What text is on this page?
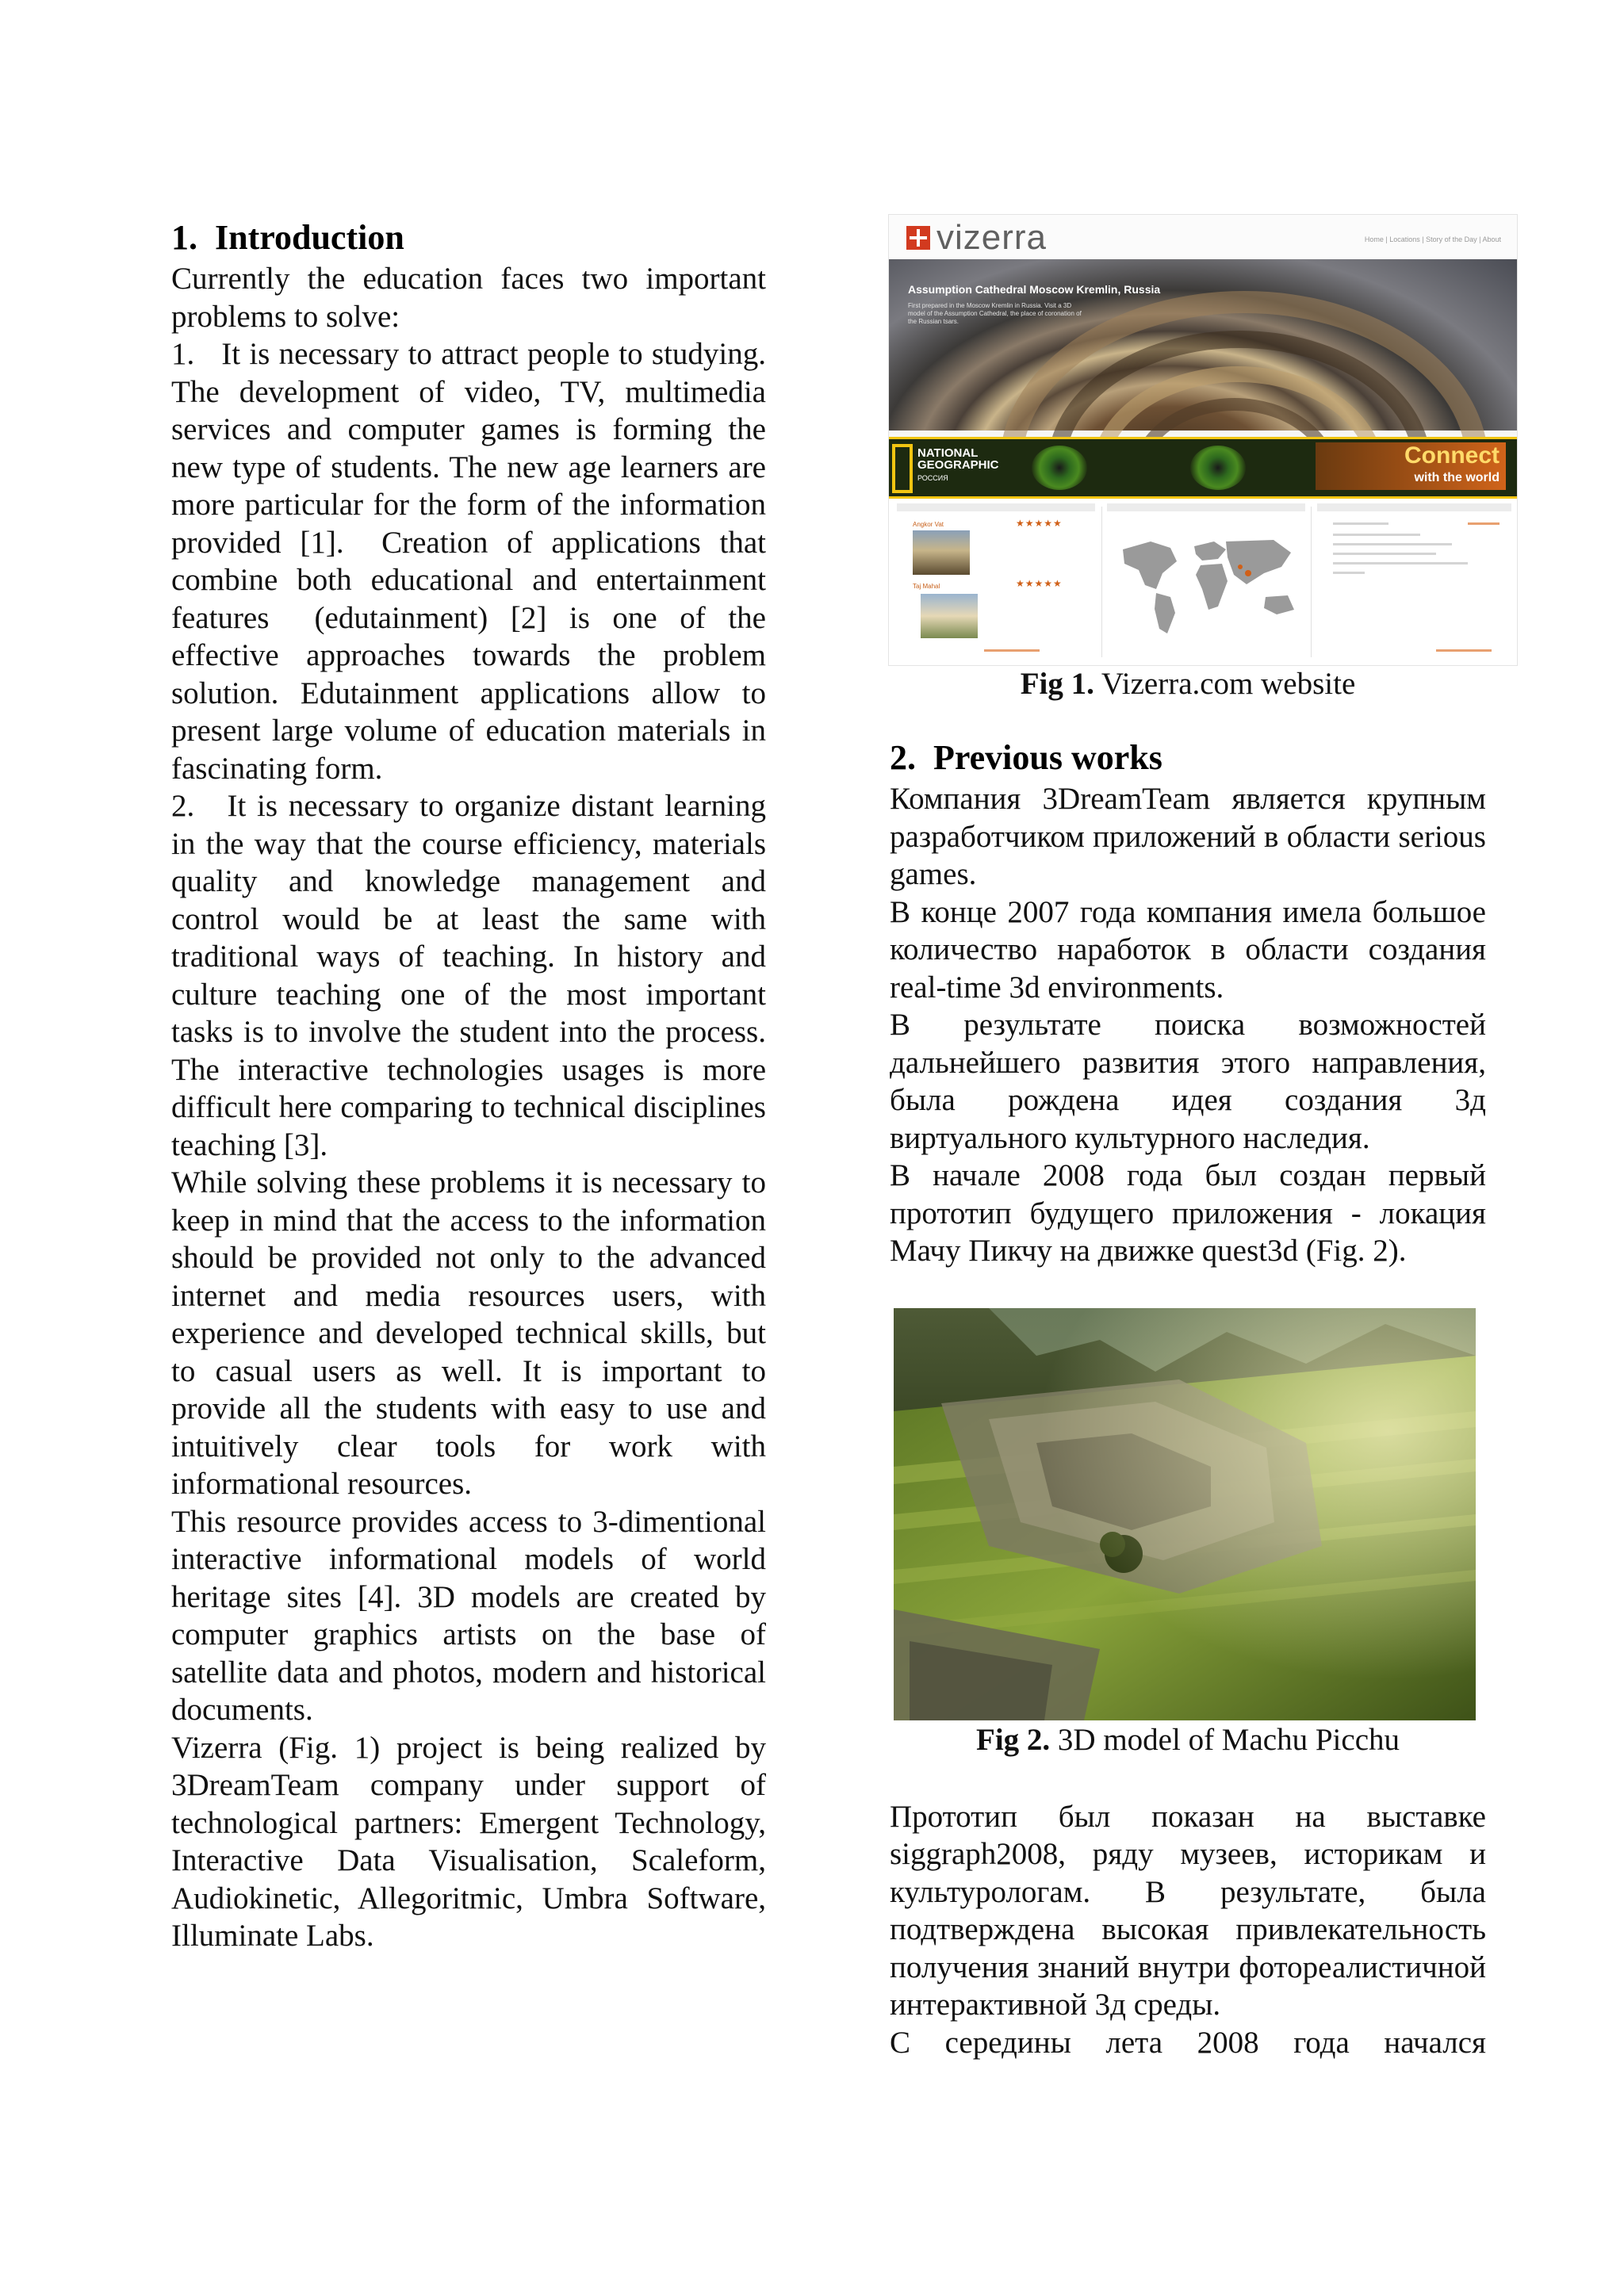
1.  Introduction

Currently the education faces two important problems to solve:

1.   It is necessary to attract people to studying. The development of video, TV, multimedia services and computer games is forming the new type of students. The new age learners are more particular for the form of the information provided [1].  Creation of applications that combine both educational and entertainment features  (edutainment) [2] is one of the effective approaches towards the problem solution. Edutainment applications allow to present large volume of education materials in fascinating form.

2.   It is necessary to organize distant learning in the way that the course efficiency, materials quality and knowledge management and control would be at least the same with traditional ways of teaching. In history and culture teaching one of the most important tasks is to involve the student into the process. The interactive technologies usages is more difficult here comparing to technical disciplines teaching [3].

While solving these problems it is necessary to keep in mind that the access to the information should be provided not only to the advanced internet and media resources users, with experience and developed technical skills, but to casual users as well. It is important to provide all the students with easy to use and intuitively clear tools for work with informational resources.

This resource provides access to 3-dimentional interactive informational models of world heritage sites [4]. 3D models are created by computer graphics artists on the base of satellite data and photos, modern and historical documents.

Vizerra (Fig. 1) project is being realized by 3DreamTeam company under support of technological partners: Emergent Technology, Interactive Data Visualisation, Scaleform, Audiokinetic, Allegoritmic, Umbra Software, Illuminate Labs.

vizerra	Home | Locations | Story of the Day | About
Assumption Cathedral Moscow Kremlin, Russia
First prepared in the Moscow Kremlin in Russia. Visit a 3D model of the Assumption Cathedral, the place of coronation of the Russian tsars.
NATIONAL GEOGRAPHIC
РОССИЯ
Connect
with the world
Angkor Vat	★★★★★
Taj Mahal	★★★★★
Fig 1. Vizerra.com website
2.  Previous works

Компания 3DreamTeam является крупным разработчиком приложений в области serious games.

В конце 2007 года компания имела большое количество наработок в области создания real-time 3d environments.

В результате поиска возможностей дальнейшего развития этого направления, была рождена идея создания 3д виртуального культурного наследия.

В начале 2008 года был создан первый прототип будущего приложения - локация Мачу Пикчу на движке quest3d (Fig. 2).

Fig 2. 3D model of Machu Picchu

Прототип был показан на выставке siggraph2008, ряду музеев, историкам и культурологам. В результате, была подтверждена высокая привлекательность получения знаний внутри фотореалистичной интерактивной 3д среды.

С середины лета 2008 года начался
